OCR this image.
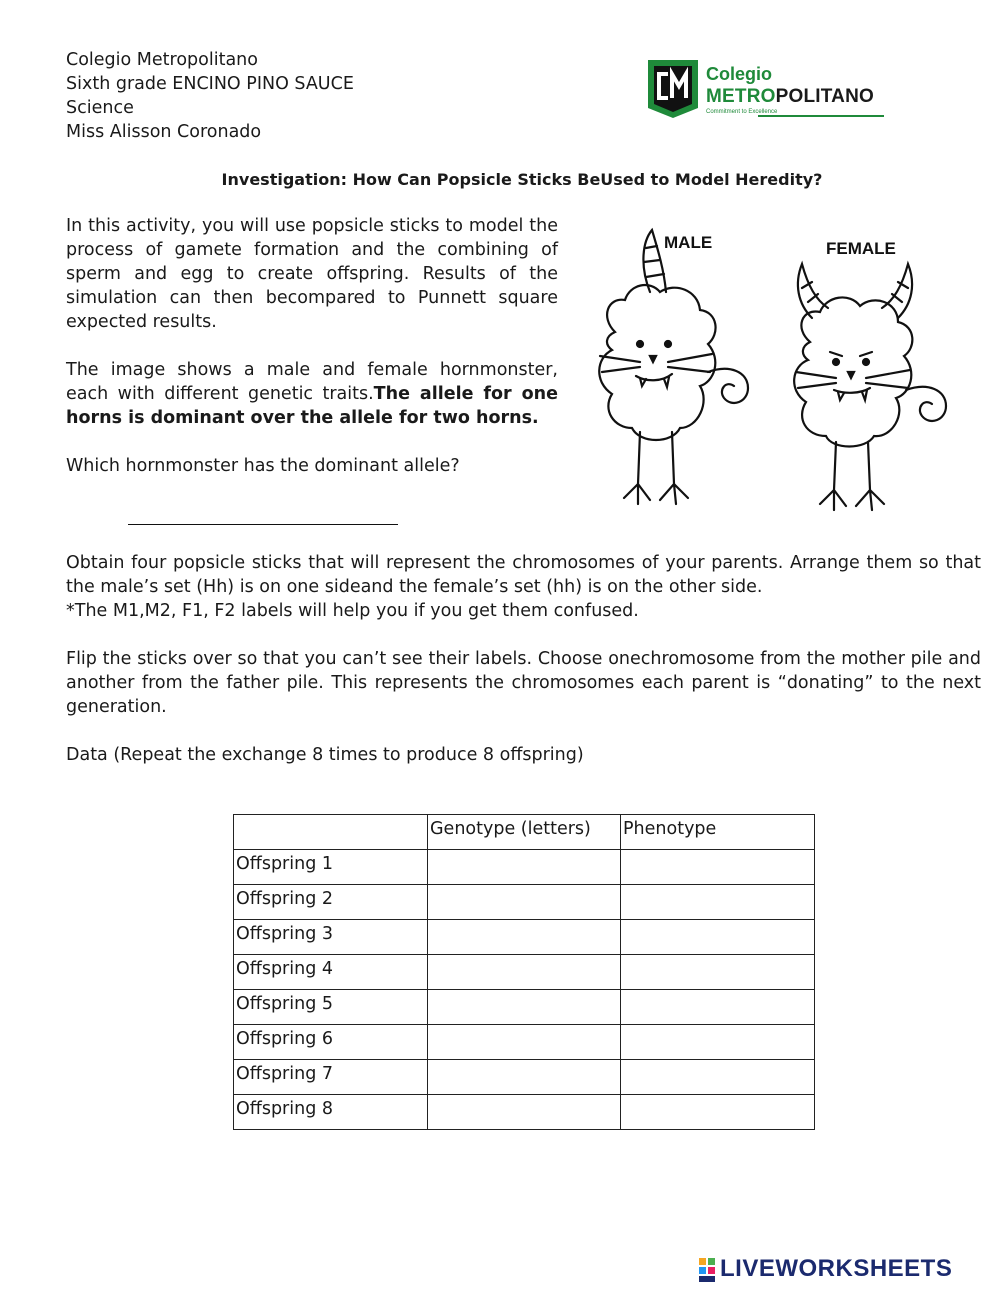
Colegio Metropolitano
Sixth grade ENCINO PINO SAUCE
Science
Miss Alisson Coronado
CM
Colegio
METROPOLITANO
Commitment to Excellence
Investigation: How Can Popsicle Sticks BeUsed to Model Heredity?

In this activity, you will use popsicle sticks to model the process of gamete formation and the combining of sperm and egg to create offspring. Results of the simulation can then becompared to Punnett square expected results.

The image shows a male and female hornmonster, each with different genetic traits.The allele for one horns is dominant over the allele for two horns.

Which hornmonster has the dominant allele?

MALE	FEMALE

Obtain four popsicle sticks that will represent the chromosomes of your parents. Arrange them so that the male’s set (Hh) is on one sideand the female’s set (hh) is on the other side.
*The M1,M2, F1, F2 labels will help you if you get them confused.

Flip the sticks over so that you can’t see their labels. Choose onechromosome from the mother pile and another from the father pile. This represents the chromosomes each parent is “donating” to the next generation.

Data (Repeat the exchange 8 times to produce 8 offspring)
	Genotype (letters)	Phenotype
Offspring 1		
Offspring 2		
Offspring 3		
Offspring 4		
Offspring 5		
Offspring 6		
Offspring 7		
Offspring 8		
LIVEWORKSHEETS
